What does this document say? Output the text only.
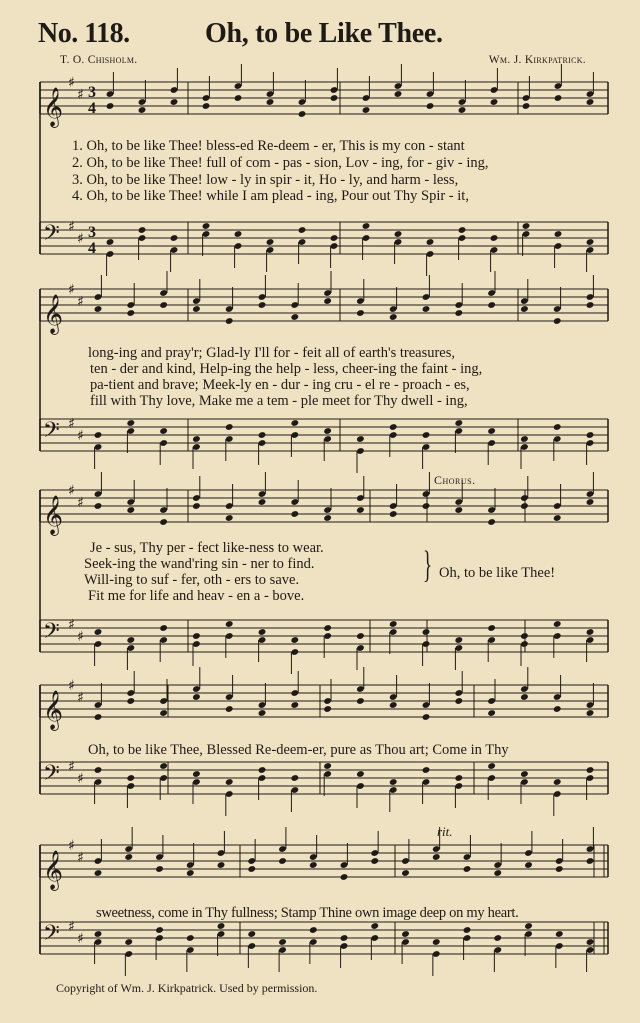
No. 118.	Oh, to be Like Thee.
T. O. Chisholm.	Wm. J. Kirkpatrick.
𝄞
♯
♯ 3
4
𝄢 ♯
♯ 3
4
𝄞
♯
♯
𝄢 ♯
♯
𝄞
♯
♯
𝄢 ♯
♯
𝄞
♯
♯
𝄢 ♯
♯
𝄞
♯
♯
𝄢 ♯
♯
1. Oh, to be like Thee! bless-ed Re-deem - er, This is my con - stant
2. Oh, to be like Thee! full of com - pas - sion, Lov - ing, for - giv - ing,
3. Oh, to be like Thee! low - ly in spir - it, Ho - ly, and harm - less,
4. Oh, to be like Thee! while I am plead - ing, Pour out Thy Spir - it,
long-ing and pray'r; Glad-ly I'll for - feit all of earth's treasures,
ten - der and kind, Help-ing the help - less, cheer-ing the faint - ing,
pa-tient and brave; Meek-ly en - dur - ing cru - el re - proach - es,
fill with Thy love, Make me a tem - ple meet for Thy dwell - ing,
Je - sus, Thy per - fect like-ness to wear.
Seek-ing the wand'ring sin - ner to find.
Will-ing to suf - fer, oth - ers to save.
Fit me for life and heav - en a - bove.
} Oh, to be like Thee!
Chorus.
Oh, to be like Thee, Blessed Re-deem-er, pure as Thou art; Come in Thy
rit.
sweetness, come in Thy fullness; Stamp Thine own image deep on my heart.
Copyright of Wm. J. Kirkpatrick. Used by permission.
